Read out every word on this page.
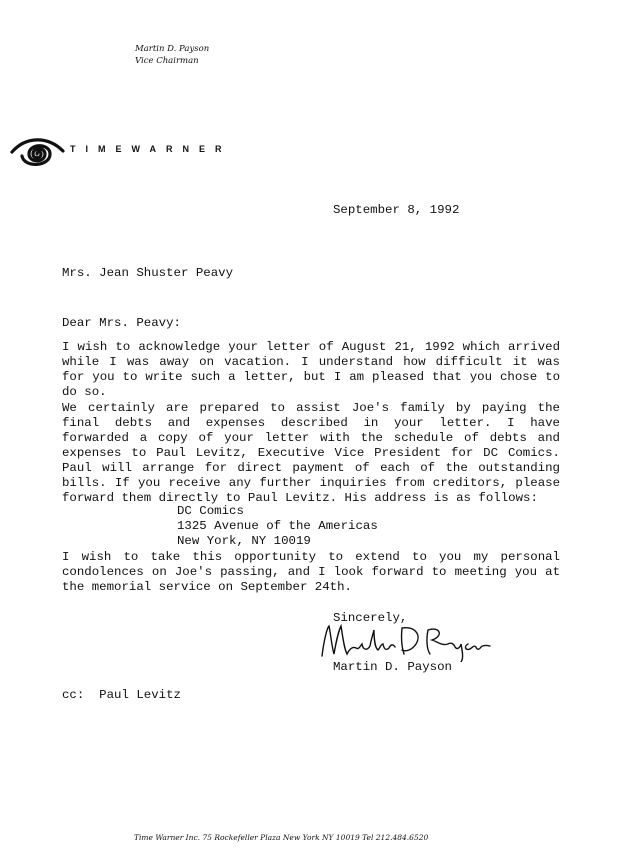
Martin D. Payson
Vice Chairman
TIMEWARNER
September 8, 1992
Mrs. Jean Shuster Peavy
Dear Mrs. Peavy:
I wish to acknowledge your letter of August 21, 1992 which arrived while I was away on vacation. I understand how difficult it was for you to write such a letter, but I am pleased that you chose to do so.
We certainly are prepared to assist Joe's family by paying the final debts and expenses described in your letter. I have forwarded a copy of your letter with the schedule of debts and expenses to Paul Levitz, Executive Vice President for DC Comics. Paul will arrange for direct payment of each of the outstanding bills. If you receive any further inquiries from creditors, please forward them directly to Paul Levitz. His address is as follows:
DC Comics
1325 Avenue of the Americas
New York, NY 10019
I wish to take this opportunity to extend to you my personal condolences on Joe's passing, and I look forward to meeting you at the memorial service on September 24th.
Sincerely,
Martin D. Payson
cc:  Paul Levitz
Time Warner Inc. 75 Rockefeller Plaza New York NY 10019 Tel 212.484.6520
